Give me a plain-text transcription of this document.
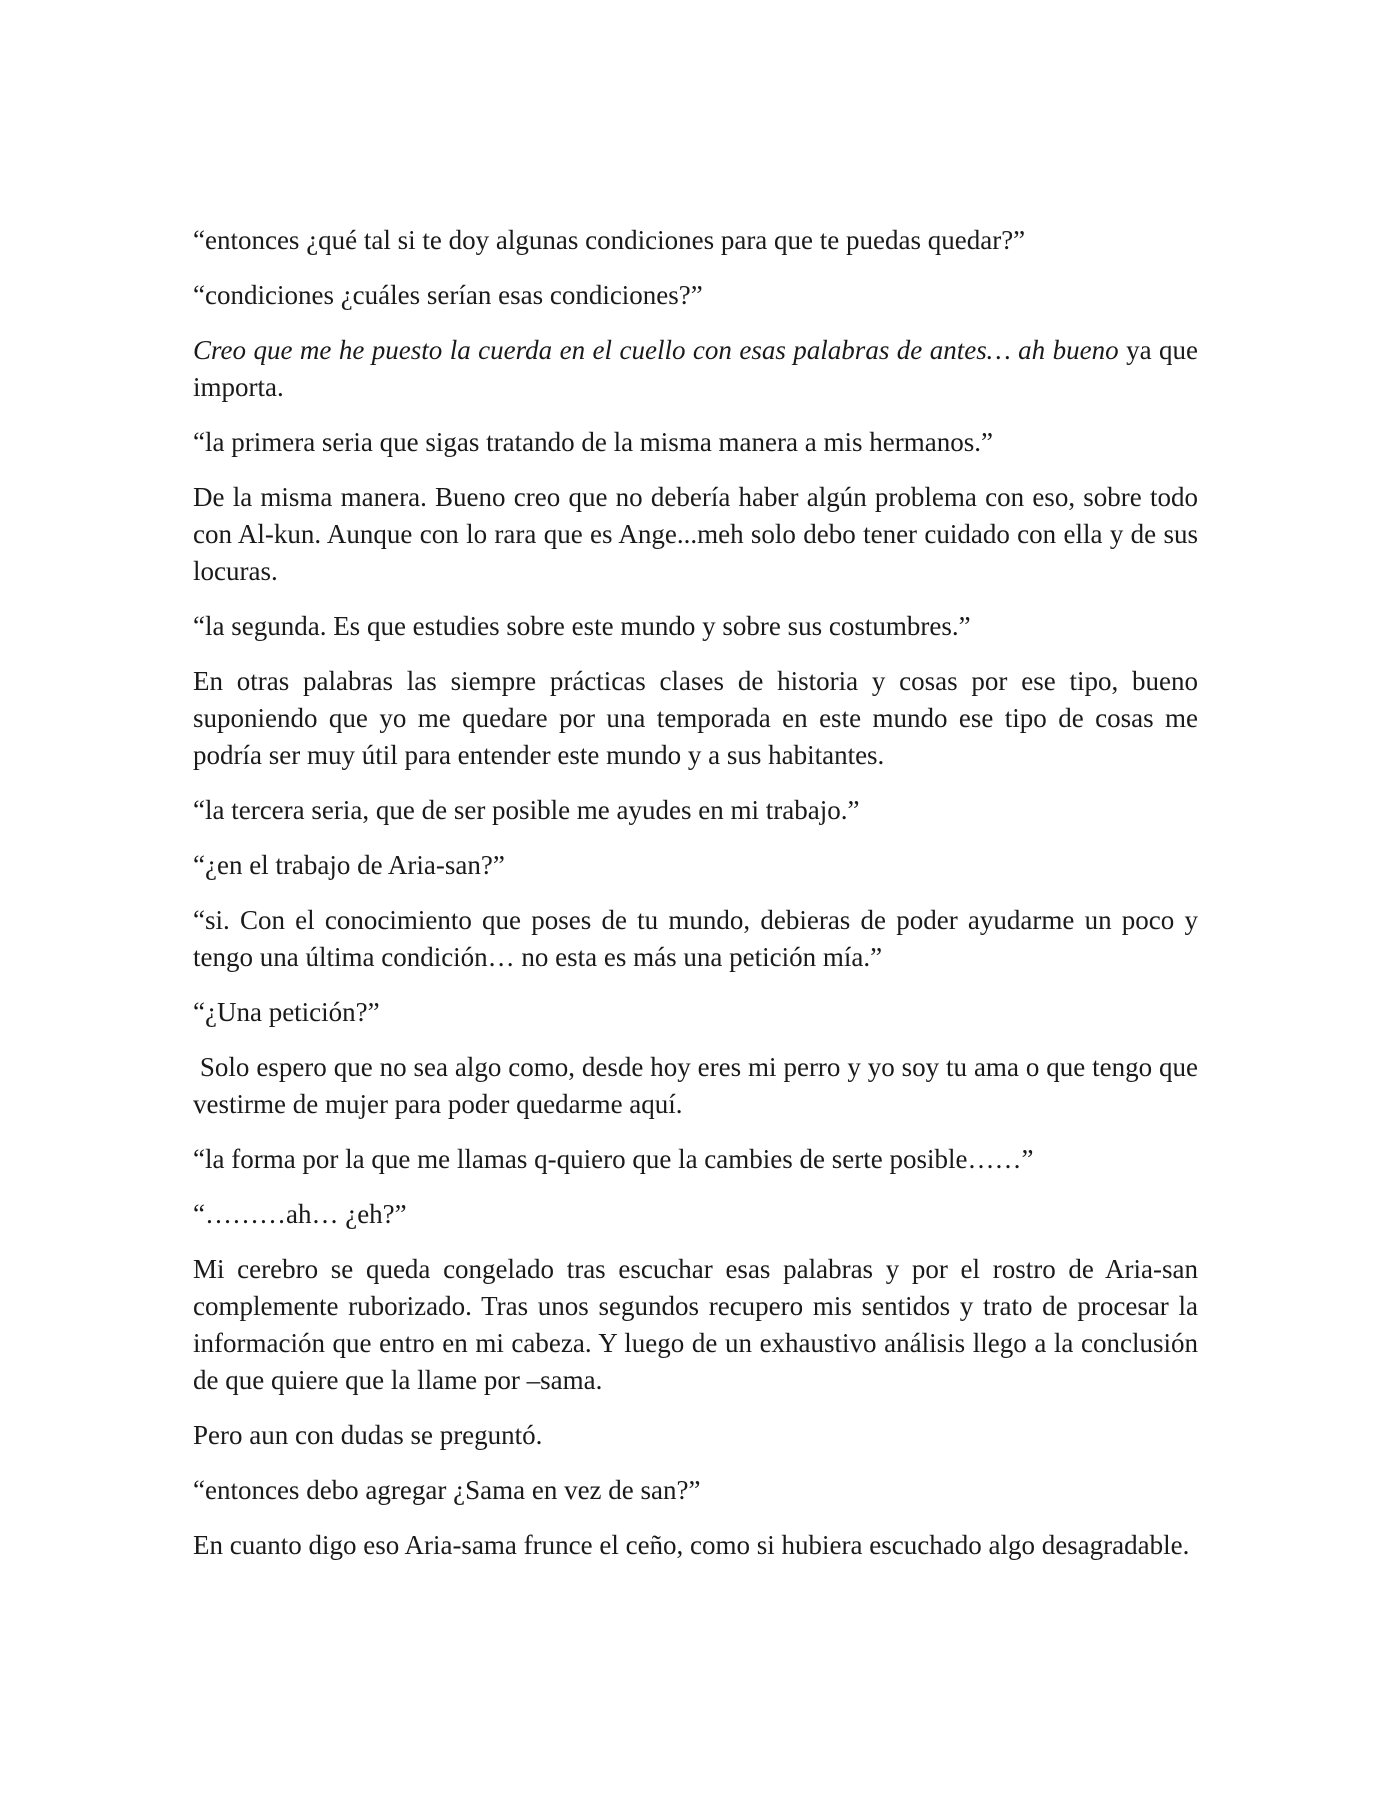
“entonces ¿qué tal si te doy algunas condiciones para que te puedas quedar?”

“condiciones ¿cuáles serían esas condiciones?”

Creo que me he puesto la cuerda en el cuello con esas palabras de antes… ah bueno ya que importa.

“la primera seria que sigas tratando de la misma manera a mis hermanos.”

De la misma manera. Bueno creo que no debería haber algún problema con eso, sobre todo con Al-kun. Aunque con lo rara que es Ange...meh solo debo tener cuidado con ella y de sus locuras.

“la segunda. Es que estudies sobre este mundo y sobre sus costumbres.”

En otras palabras las siempre prácticas clases de historia y cosas por ese tipo, bueno suponiendo que yo me quedare por una temporada en este mundo ese tipo de cosas me podría ser muy útil para entender este mundo y a sus habitantes.

“la tercera seria, que de ser posible me ayudes en mi trabajo.”

“¿en el trabajo de Aria-san?”

“si. Con el conocimiento que poses de tu mundo, debieras de poder ayudarme un poco y tengo una última condición… no esta es más una petición mía.”

“¿Una petición?”

Solo espero que no sea algo como, desde hoy eres mi perro y yo soy tu ama o que tengo que vestirme de mujer para poder quedarme aquí.

“la forma por la que me llamas q-quiero que la cambies de serte posible……”

“………ah… ¿eh?”

Mi cerebro se queda congelado tras escuchar esas palabras y por el rostro de Aria-san complemente ruborizado. Tras unos segundos recupero mis sentidos y trato de procesar la información que entro en mi cabeza. Y luego de un exhaustivo análisis llego a la conclusión de que quiere que la llame por –sama.

Pero aun con dudas se preguntó.

“entonces debo agregar ¿Sama en vez de san?”

En cuanto digo eso Aria-sama frunce el ceño, como si hubiera escuchado algo desagradable.
